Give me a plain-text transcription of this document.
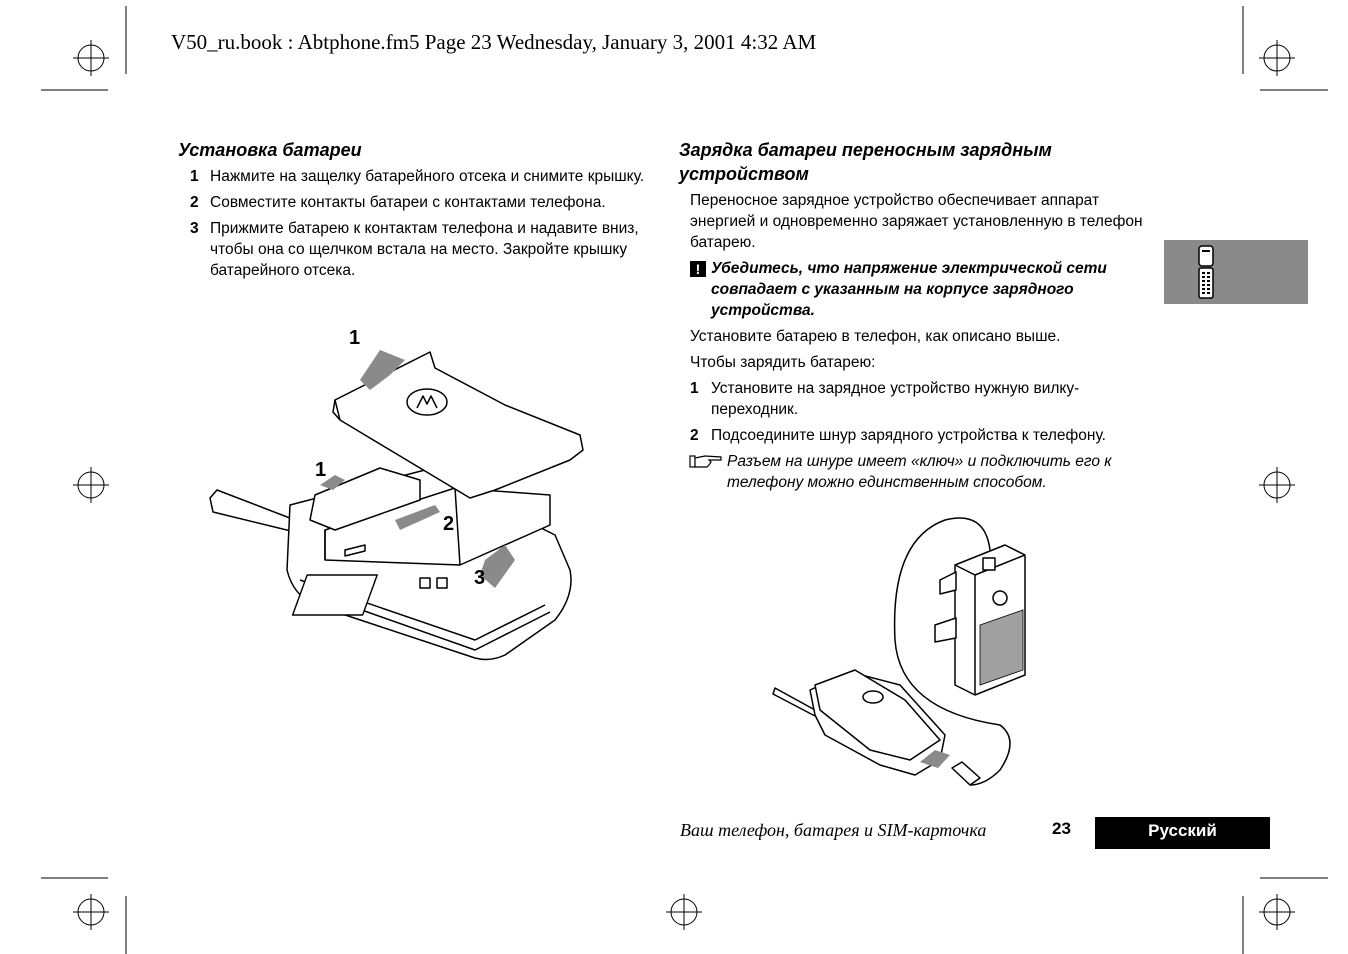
V50_ru.book : Abtphone.fm5 Page 23 Wednesday, January 3, 2001 4:32 AM
Установка батареи
1 Нажмите на защелку батарейного отсека и снимите крышку.
2 Совместите контакты батареи с контактами телефона.
3 Прижмите батарею к контактам телефона и надавите вниз, чтобы она со щелчком встала на место. Закройте крышку батарейного отсека.
1
1
2
3
Зарядка батареи переносным зарядным устройством

Переносное зарядное устройство обеспечивает аппарат энергией и одновременно заряжает установленную в телефон батарею.

! Убедитесь, что напряжение электрической сети совпадает с указанным на корпусе зарядного устройства.

Установите батарею в телефон, как описано выше.

Чтобы зарядить батарею:

1 Установите на зарядное устройство нужную вилку-переходник.
2 Подсоедините шнур зарядного устройства к телефону.
Разъем на шнуре имеет «ключ» и подключить его к телефону можно единственным способом.
Ваш телефон, батарея и SIM-карточка	23	Русский
